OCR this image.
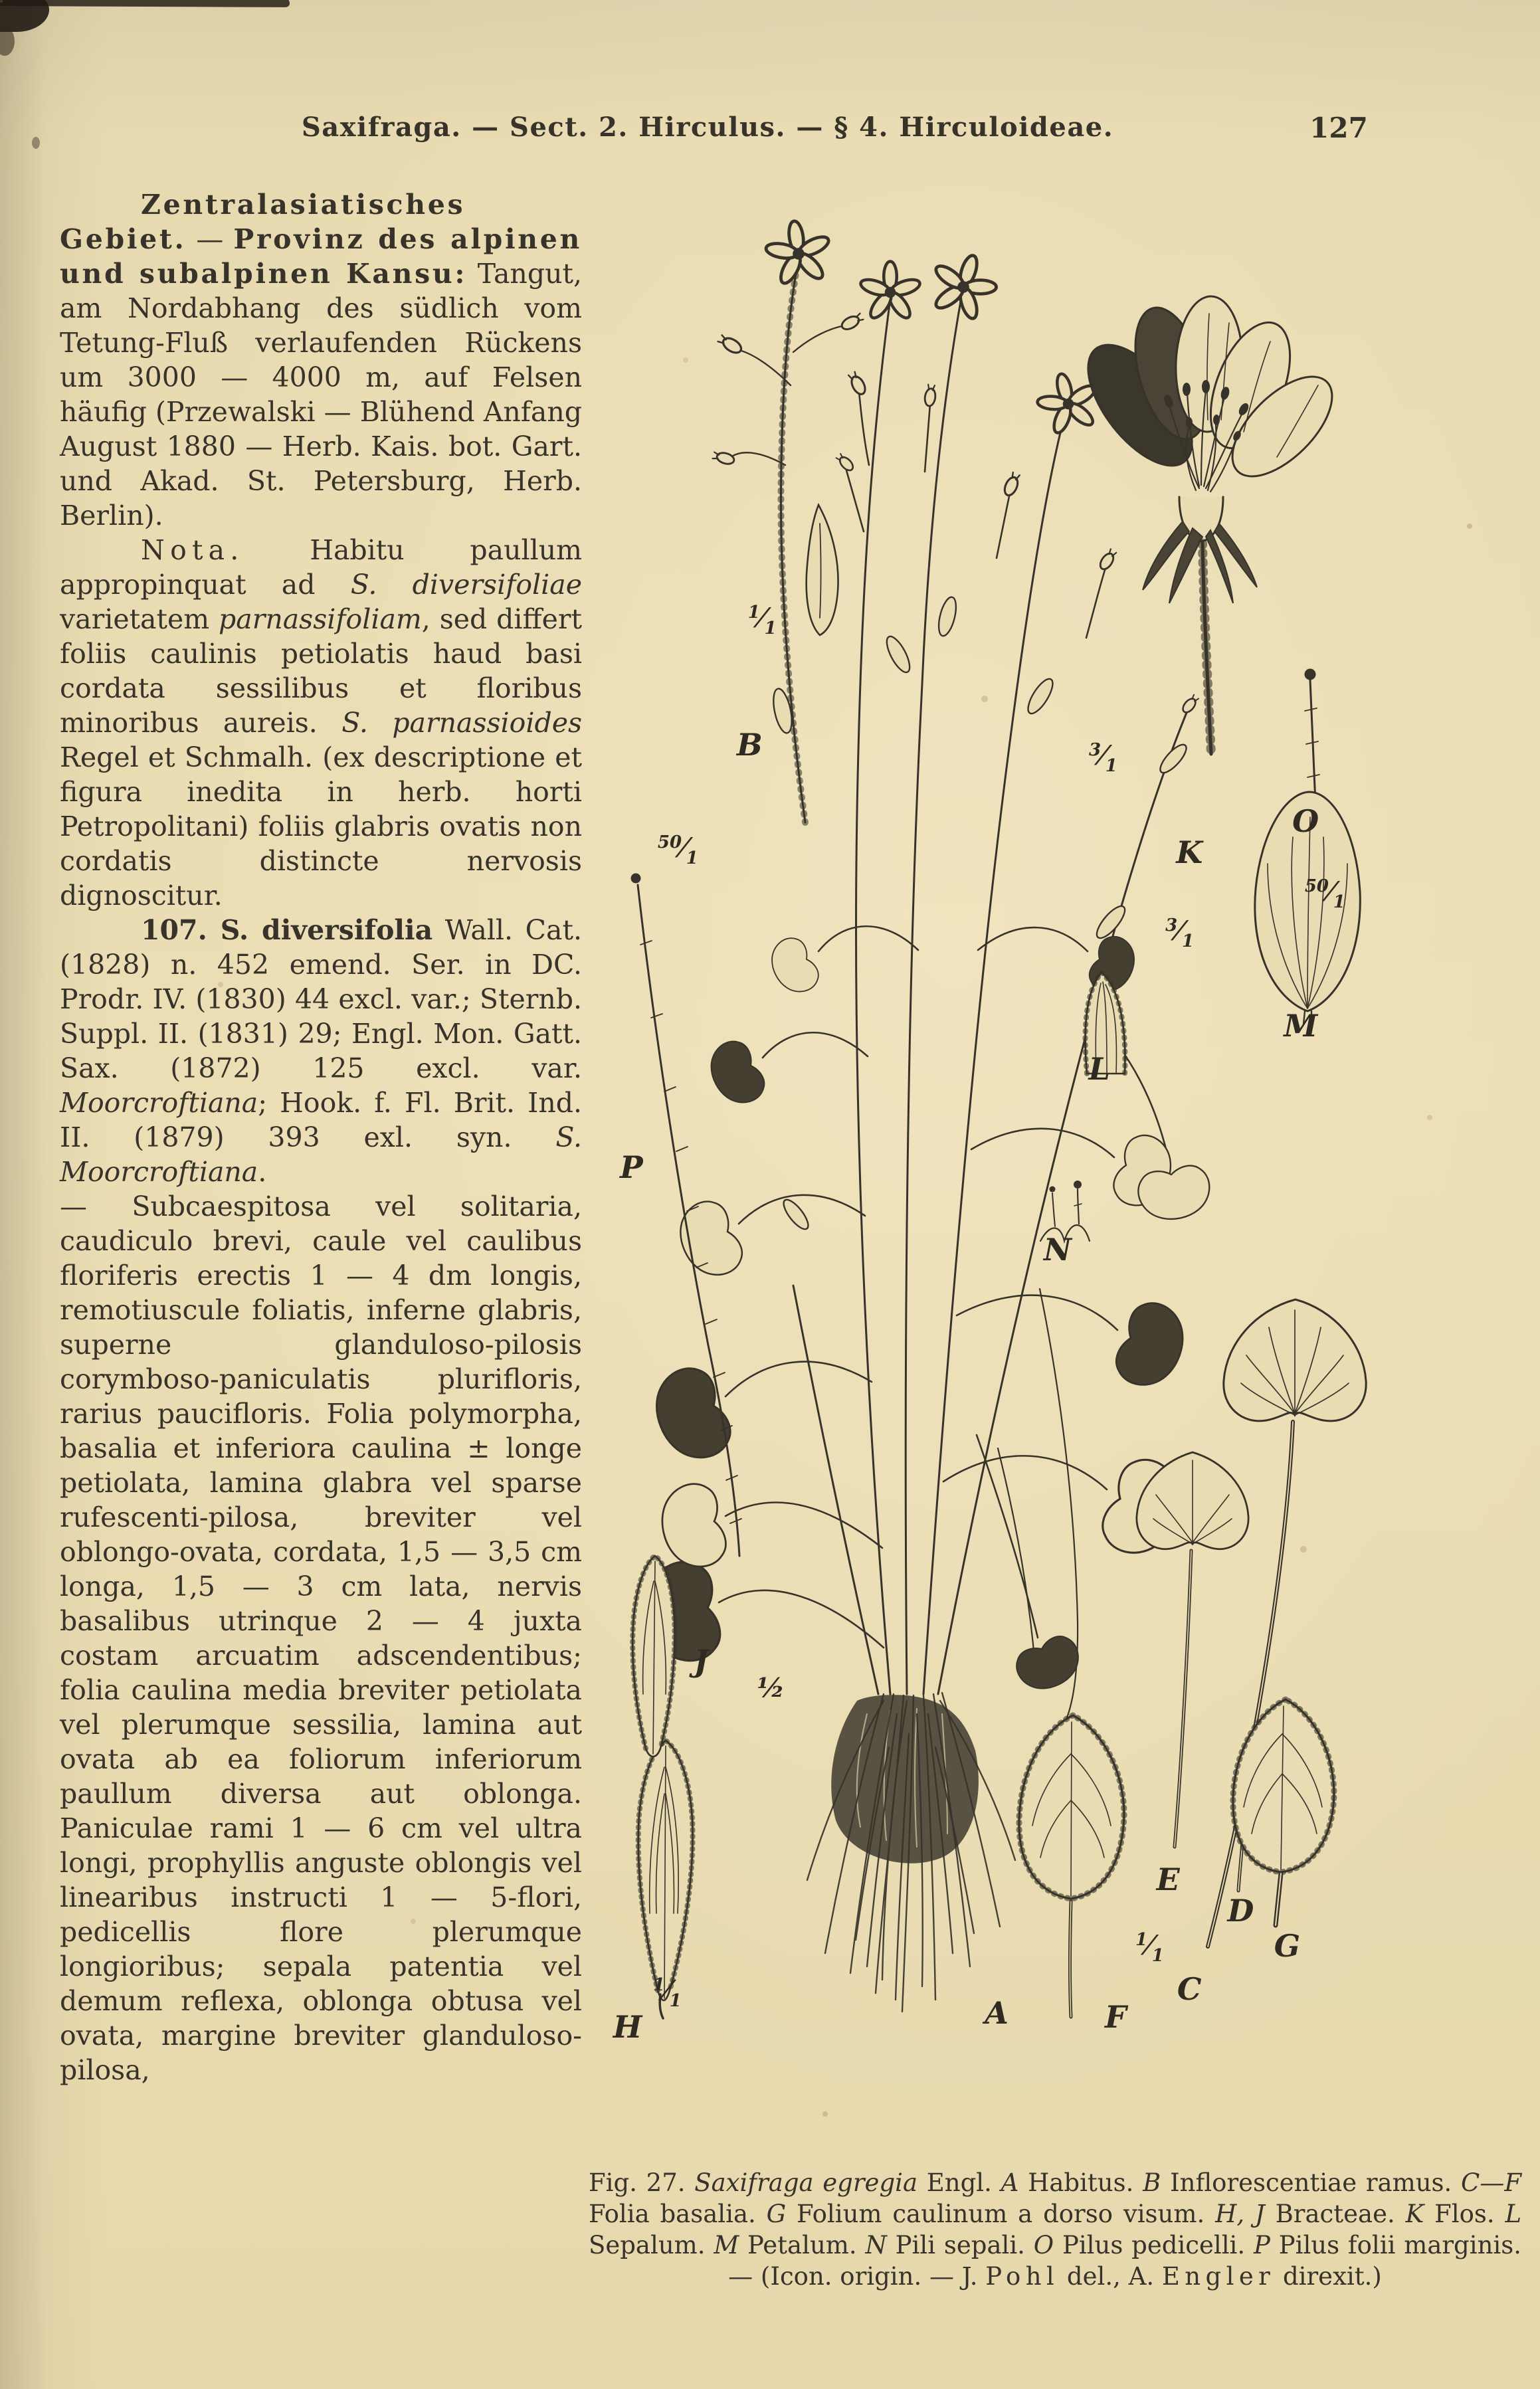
Saxifraga. — Sect. 2. Hirculus. — § 4. Hirculoideae.	127

Zentralasiatisches Gebiet. — Provinz des alpinen und subalpinen Kansu: Tangut, am Nordabhang des südlich vom Tetung-Fluß verlaufenden Rückens um 3000 — 4000 m, auf Felsen häufig (Przewalski — Blühend Anfang August 1880 — Herb. Kais. bot. Gart. und Akad. St. Petersburg, Herb. Berlin).

Nota. Habitu paullum appropinquat ad S. diversifoliae varietatem parnassifoliam, sed differt foliis caulinis petiolatis haud basi cordata sessilibus et floribus minoribus aureis. S. parnassioides Regel et Schmalh. (ex descriptione et figura inedita in herb. horti Petropolitani) foliis glabris ovatis non cordatis distincte nervosis dignoscitur.

107. S. diversifolia Wall. Cat. (1828) n. 452 emend. Ser. in DC. Prodr. IV. (1830) 44 excl. var.; Sternb. Suppl. II. (1831) 29; Engl. Mon. Gatt. Sax. (1872) 125 excl. var. Moorcroftiana; Hook. f. Fl. Brit. Ind. II. (1879) 393 exl. syn. S. Moorcroftiana.

— Subcaespitosa vel solitaria, caudiculo brevi, caule vel caulibus floriferis erectis 1 — 4 dm longis, remotiuscule foliatis, inferne glabris, superne glanduloso-pilosis corymboso-paniculatis plurifloris, rarius paucifloris. Folia polymorpha, basalia et inferiora caulina ± longe petiolata, lamina glabra vel sparse rufescenti-pilosa, breviter vel oblongo-ovata, cordata, 1,5 — 3,5 cm longa, 1,5 — 3 cm lata, nervis basalibus utrinque 2 — 4 juxta costam arcuatim adscendentibus; folia caulina media breviter petiolata vel plerumque sessilia, lamina aut ovata ab ea foliorum inferiorum paullum diversa aut oblonga. Paniculae rami 1 — 6 cm vel ultra longi, prophyllis anguste oblongis vel linearibus instructi 1 — 5-flori, pedicellis flore plerumque longioribus; sepala patentia vel demum reflexa, oblonga obtusa vel ovata, margine breviter glanduloso-pilosa,

$^1⁄_1$
B	$^3⁄_1$
K
O
$^{50}⁄_1$
$^{50}⁄_1$
P
$^3⁄_1$
L
M
N
J
½
$^1⁄_1$
H	A	F
$^1⁄_1$
E
C
D
G
Fig. 27. Saxifraga egregia Engl. A Habitus. B Inflorescentiae ramus. C—F Folia basalia. G Folium caulinum a dorso visum. H, J Bracteae. K Flos. L Sepalum. M Petalum. N Pili sepali. O Pilus pedicelli. P Pilus folii marginis. — (Icon. origin. — J. Pohl del., A. Engler direxit.)
